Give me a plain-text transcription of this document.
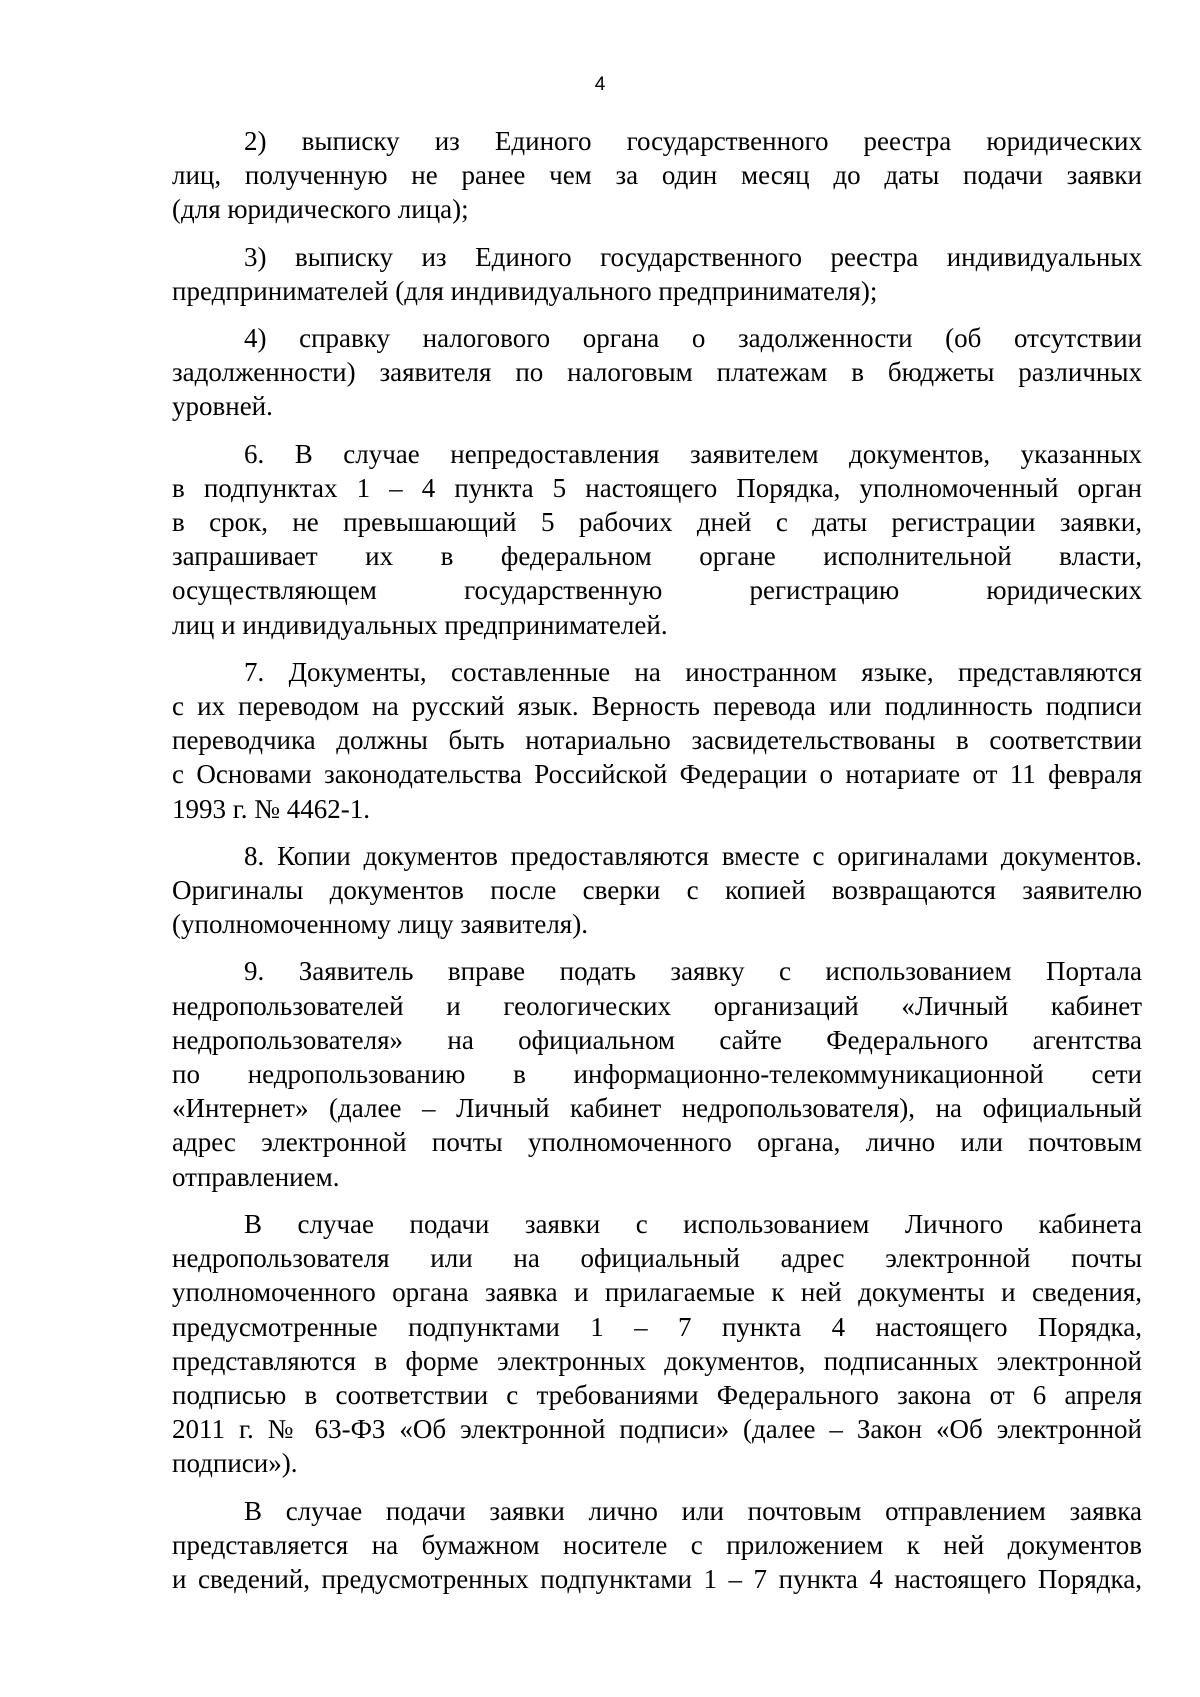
4
2) выписку из Единого государственного реестра юридических
лиц, полученную не ранее чем за один месяц до даты подачи заявки
(для юридического лица);
3) выписку из Единого государственного реестра индивидуальных
предпринимателей (для индивидуального предпринимателя);
4) справку налогового органа о задолженности (об отсутствии
задолженности) заявителя по налоговым платежам в бюджеты различных
уровней.
6. В случае непредоставления заявителем документов, указанных
в подпунктах 1 – 4 пункта 5 настоящего Порядка, уполномоченный орган
в срок, не превышающий 5 рабочих дней с даты регистрации заявки,
запрашивает их в федеральном органе исполнительной власти,
осуществляющем государственную регистрацию юридических
лиц и индивидуальных предпринимателей.
7. Документы, составленные на иностранном языке, представляются
с их переводом на русский язык. Верность перевода или подлинность подписи
переводчика должны быть нотариально засвидетельствованы в соответствии
с Основами законодательства Российской Федерации о нотариате от 11 февраля
1993 г. № 4462-1.
8. Копии документов предоставляются вместе с оригиналами документов.
Оригиналы документов после сверки с копией возвращаются заявителю
(уполномоченному лицу заявителя).
9. Заявитель вправе подать заявку с использованием Портала
недропользователей и геологических организаций «Личный кабинет
недропользователя» на официальном сайте Федерального агентства
по недропользованию в информационно-телекоммуникационной сети
«Интернет» (далее – Личный кабинет недропользователя), на официальный
адрес электронной почты уполномоченного органа, лично или почтовым
отправлением.
В случае подачи заявки с использованием Личного кабинета
недропользователя или на официальный адрес электронной почты
уполномоченного органа заявка и прилагаемые к ней документы и сведения,
предусмотренные подпунктами 1 – 7 пункта 4 настоящего Порядка,
представляются в форме электронных документов, подписанных электронной
подписью в соответствии с требованиями Федерального закона от 6 апреля
2011 г. № 63-ФЗ «Об электронной подписи» (далее – Закон «Об электронной
подписи»).
В случае подачи заявки лично или почтовым отправлением заявка
представляется на бумажном носителе с приложением к ней документов
и сведений, предусмотренных подпунктами 1 – 7 пункта 4 настоящего Порядка,
